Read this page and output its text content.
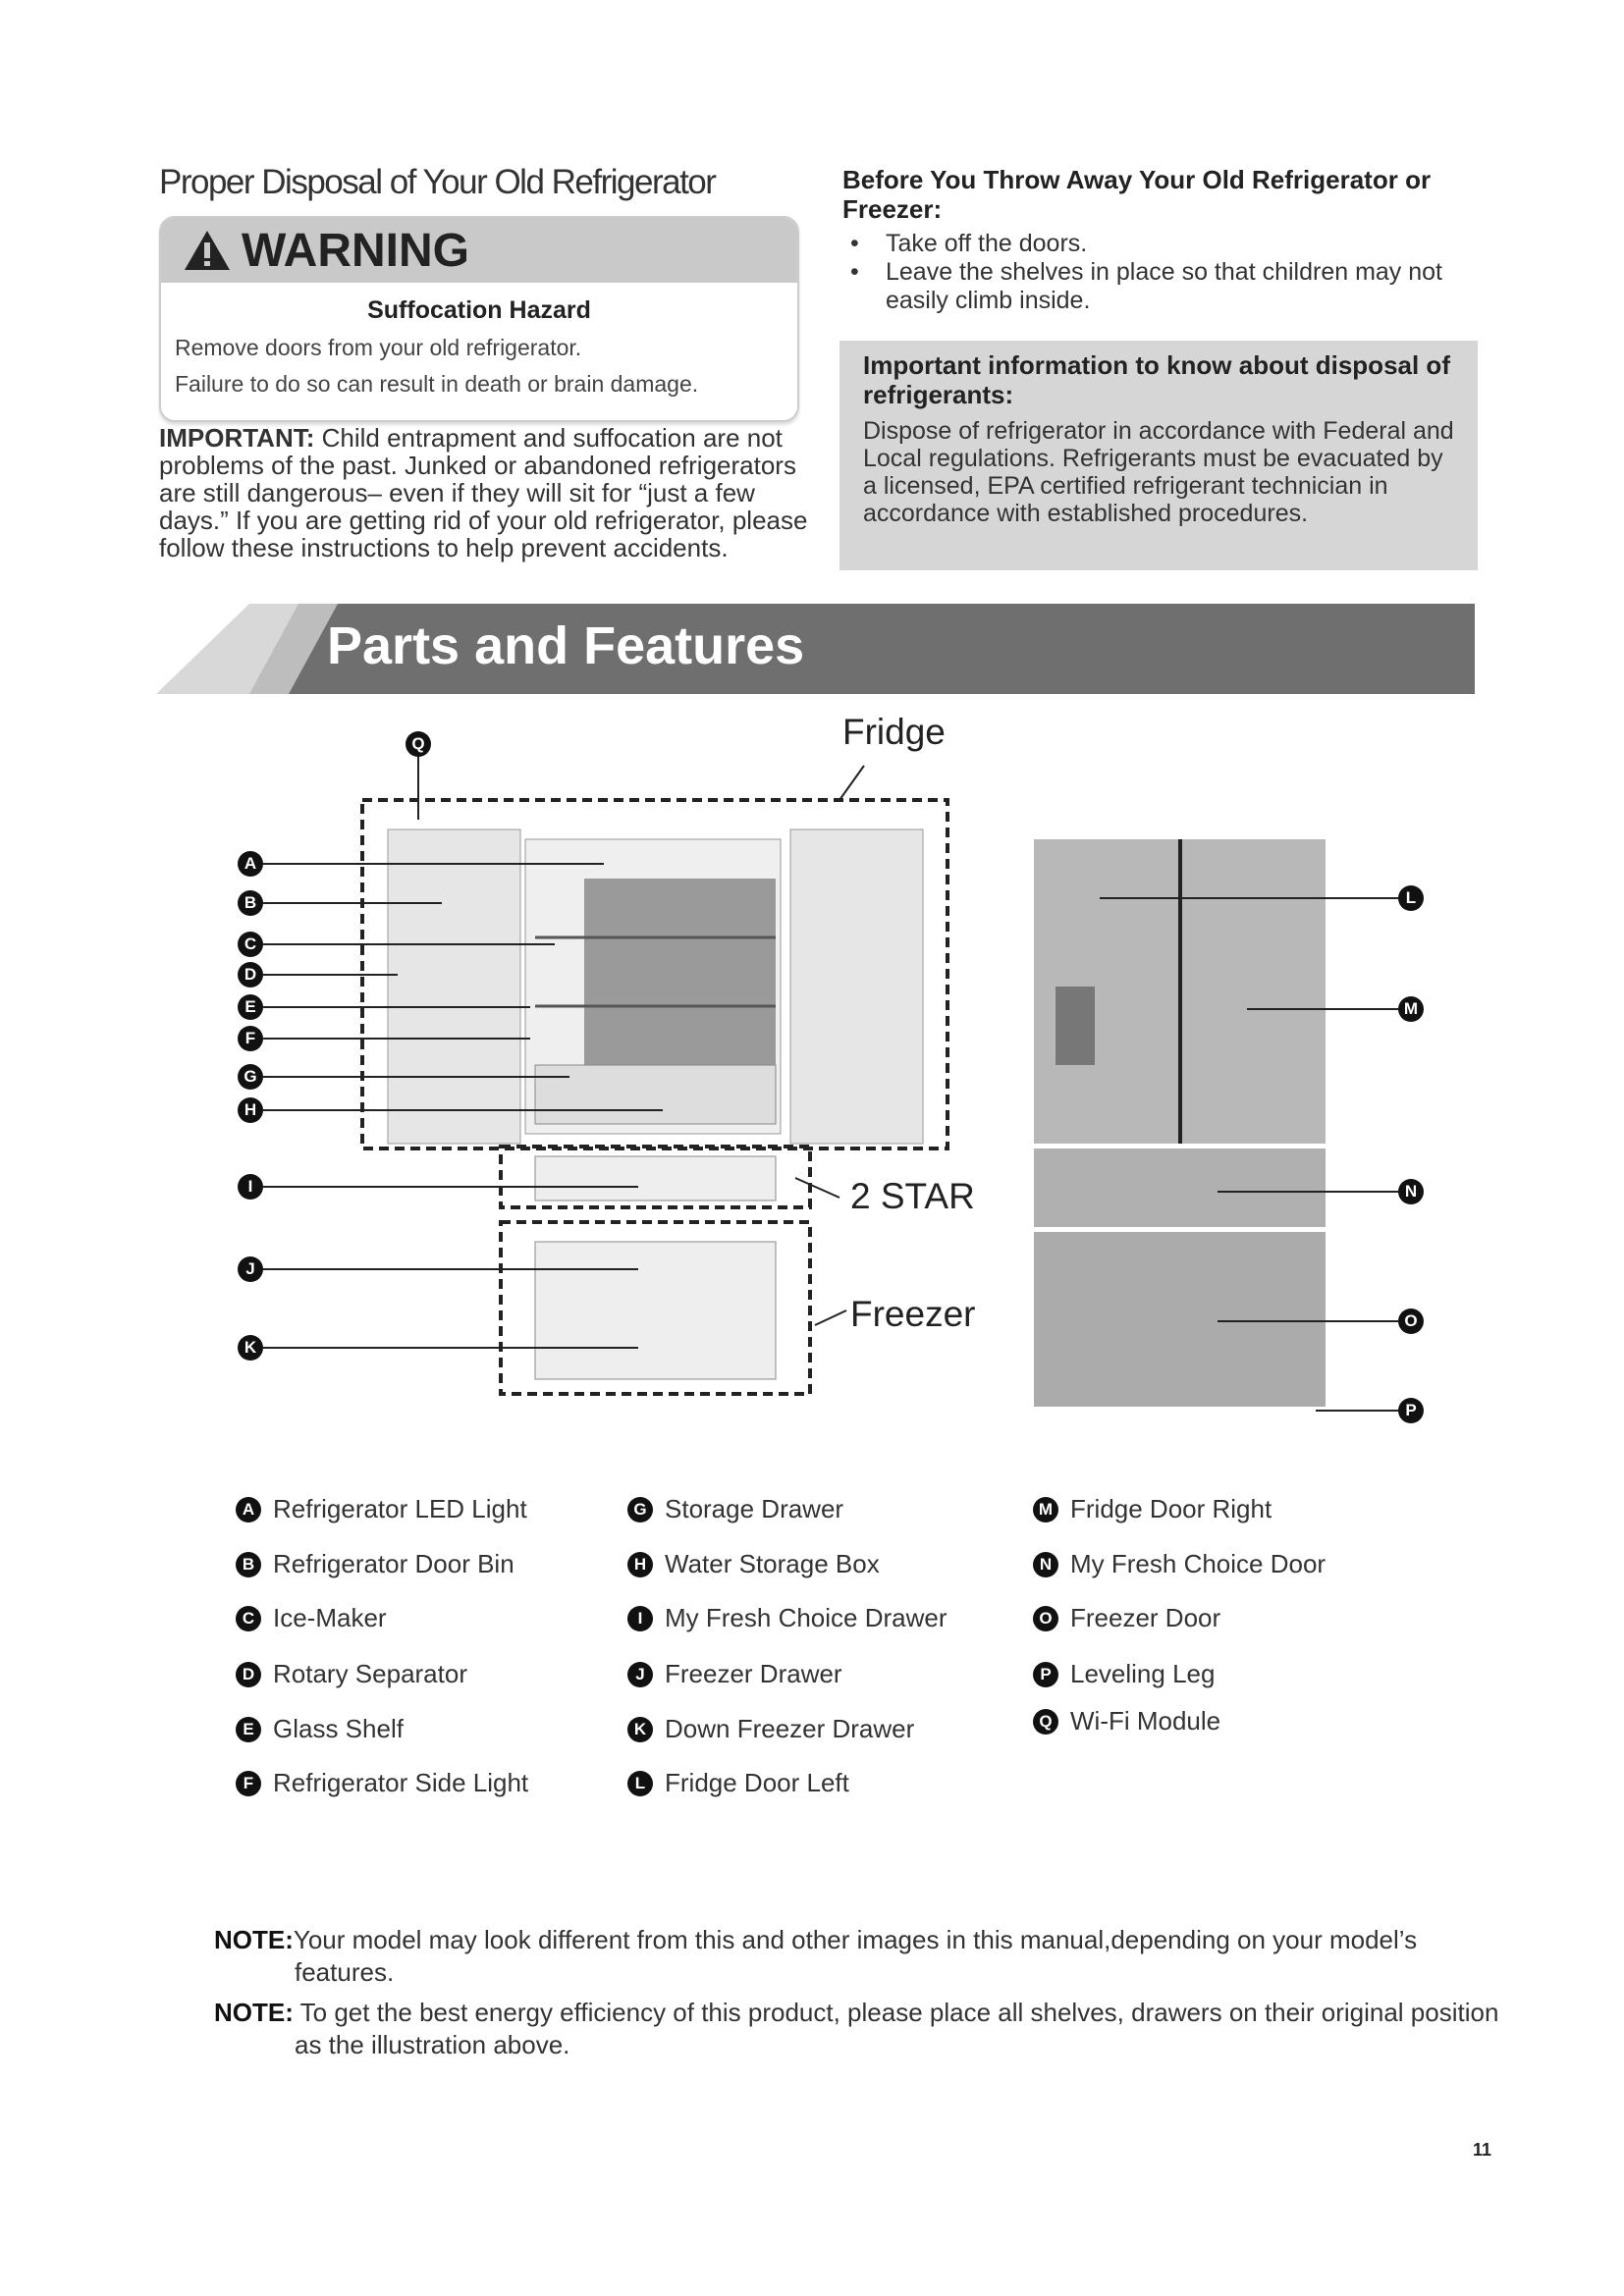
Proper Disposal of Your Old Refrigerator
WARNING
Suffocation Hazard

Remove doors from your old refrigerator.

Failure to do so can result in death or brain damage.

IMPORTANT: Child entrapment and suffocation are not problems of the past. Junked or abandoned refrigerators are still dangerous– even if they will sit for “just a few days.” If you are getting rid of your old refrigerator, please follow these instructions to help prevent accidents.
Before You Throw Away Your Old Refrigerator or Freezer:
• Take off the doors.
• Leave the shelves in place so that children may not easily climb inside.
Important information to know about disposal of refrigerants:
Dispose of refrigerator in accordance with Federal and Local regulations. Refrigerants must be evacuated by a licensed, EPA certified refrigerant technician in accordance with established procedures.
Parts and Features
Fridge
2 STAR
Freezer
A
B
C
D
E
F
G
H
I
J
K
L
M
N
O
P
Q
A Refrigerator LED Light
B Refrigerator Door Bin
C Ice-Maker
D Rotary Separator
E Glass Shelf
F Refrigerator Side Light
G Storage Drawer
H Water Storage Box
I My Fresh Choice Drawer
J Freezer Drawer
K Down Freezer Drawer
L Fridge Door Left
M Fridge Door Right
N My Fresh Choice Door
O Freezer Door
P Leveling Leg
Q Wi-Fi Module
NOTE:Your model may look different from this and other images in this manual,depending on your model’s features.
NOTE: To get the best energy efficiency of this product, please place all shelves, drawers on their original position as the illustration above.
11
